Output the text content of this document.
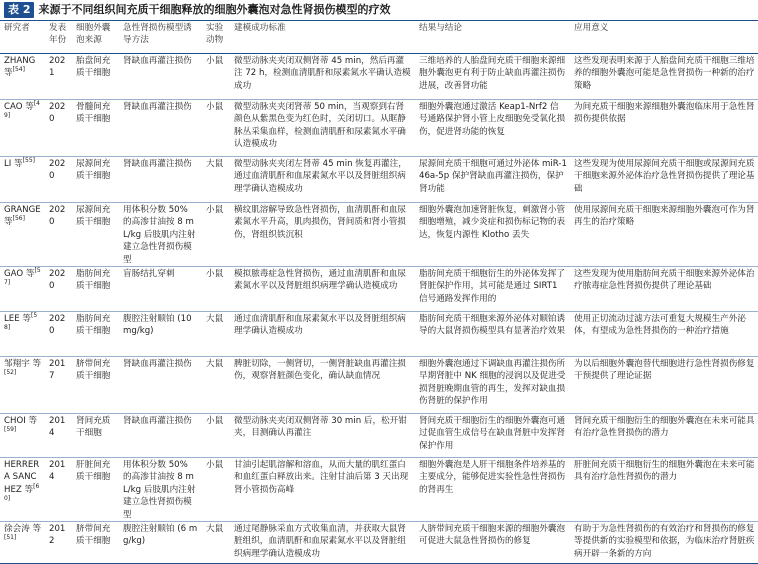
表 2 来源于不同组织间充质干细胞释放的细胞外囊泡对急性肾损伤模型的疗效
研究者	发表年份	细胞外囊泡来源	急性肾损伤模型诱导方法	实验动物	建模成功标准	结果与结论	应用意义
ZHANG 等[54]	2021	胎盘间充质干细胞	肾缺血再灌注损伤	小鼠	微型动脉夹夹闭双侧肾蒂 45 min，然后再灌注 72 h，检测血清肌酐和尿素氮水平确认造模成功	三维培养的人胎盘间充质干细胞来源细胞外囊泡更有利于防止缺血再灌注损伤进展，改善肾功能	这些发现表明来源于人胎盘间充质干细胞三维培养的细胞外囊泡可能是急性肾损伤一种新的治疗策略
CAO 等[49]	2020	骨髓间充质干细胞	肾缺血再灌注损伤	小鼠	微型动脉夹夹闭肾蒂 50 min，当观察到右肾颜色从紫黑色变为红色时，关闭切口。从眶静脉丛采集血样，检测血清肌酐和尿素氮水平确认造模成功	细胞外囊泡通过激活 Keap1-Nrf2 信号通路保护肾小管上皮细胞免受氧化损伤，促进肾功能的恢复	为间充质干细胞来源细胞外囊泡临床用于急性肾损伤提供依据
LI 等[55]	2020	尿源间充质干细胞	肾缺血再灌注损伤	大鼠	微型动脉夹夹闭左肾蒂 45 min 恢复再灌注，通过血清肌酐和血尿素氮水平以及肾脏组织病理学确认造模成功	尿源间充质干细胞可通过外泌体 miR-146a-5p 保护肾缺血再灌注损伤，保护肾功能	这些发现为使用尿源间充质干细胞或尿源间充质干细胞来源外泌体治疗急性肾损伤提供了理论基础
GRANGE 等[56]	2020	尿源间充质干细胞	用体积分数 50% 的高渗甘油按 8 mL/kg 后肢肌内注射建立急性肾损伤模型	小鼠	横纹肌溶解导致急性肾损伤，血清肌酐和血尿素氮水平升高，肌肉损伤，肾间质和肾小管损伤，肾组织铁沉积	细胞外囊泡加速肾脏恢复，刺激肾小管细胞增殖，减少炎症和损伤标记物的表达，恢复内源性 Klotho 丢失	使用尿源间充质干细胞来源细胞外囊泡可作为肾再生的治疗策略
GAO 等[57]	2020	脂肪间充质干细胞	盲肠结扎穿刺	小鼠	模拟脓毒症急性肾损伤，通过血清肌酐和血尿素氮水平以及肾脏组织病理学确认造模成功	脂肪间充质干细胞衍生的外泌体发挥了肾脏保护作用，其可能是通过 SIRT1 信号通路发挥作用的	这些发现为使用脂肪间充质干细胞来源外泌体治疗脓毒症急性肾损伤提供了理论基础
LEE 等[58]	2020	脂肪间充质干细胞	腹腔注射顺铂 (10 mg/kg)	大鼠	通过血清肌酐和血尿素氮水平以及肾脏组织病理学确认造模成功	脂肪间充质干细胞来源外泌体对顺铂诱导的大鼠肾损伤模型具有显著治疗效果	使用正切流动过滤方法可重复大规模生产外泌体，有望成为急性肾损伤的一种治疗措施
邹翔宇 等[52]	2017	脐带间充质干细胞	肾缺血再灌注损伤	大鼠	脾脏切除，一侧肾切，一侧肾脏缺血再灌注损伤，观察肾脏颜色变化，确认缺血情况	细胞外囊泡通过下调缺血再灌注损伤所早期肾脏中 NK 细胞的浸润以及促进受损肾脏晚期血管的再生，发挥对缺血损伤肾脏的保护作用	为以后细胞外囊泡替代细胞进行急性肾损伤修复干预提供了理论证据
CHOI 等[59]	2014	肾间充质干细胞	肾缺血再灌注损伤	小鼠	微型动脉夹夹闭双侧肾蒂 30 min 后，松开钳夹，目测确认再灌注	肾间充质干细胞衍生的细胞外囊泡可通过促血管生成信号在缺血肾脏中发挥肾保护作用	肾间充质干细胞衍生的细胞外囊泡在未来可能具有治疗急性肾损伤的潜力
HERRERA SANCHEZ 等[60]	2014	肝脏间充质干细胞	用体积分数 50% 的高渗甘油按 8 mL/kg 后肢肌内注射建立急性肾损伤模型	小鼠	甘油引起肌溶解和溶血，从而大量的肌红蛋白和血红蛋白释放出来。注射甘油后第 3 天出现肾小管损伤高峰	细胞外囊泡是人肝干细胞条件培养基的主要成分，能够促进实验性急性肾损伤的肾再生	肝脏间充质干细胞衍生的细胞外囊泡在未来可能具有治疗急性肾损伤的潜力
徐会涛 等[51]	2012	脐带间充质干细胞	腹腔注射顺铂 (6 mg/kg)	大鼠	通过尾静脉采血方式收集血清，并获取大鼠肾脏组织，血清肌酐和血尿素氮水平以及肾脏组织病理学确认造模成功	人脐带间充质干细胞来源的细胞外囊泡可促进大鼠急性肾损伤的修复	有助于为急性肾损伤的有效治疗和肾损伤的修复等提供新的实验模型和依据，为临床治疗肾脏疾病开辟一条新的方向
